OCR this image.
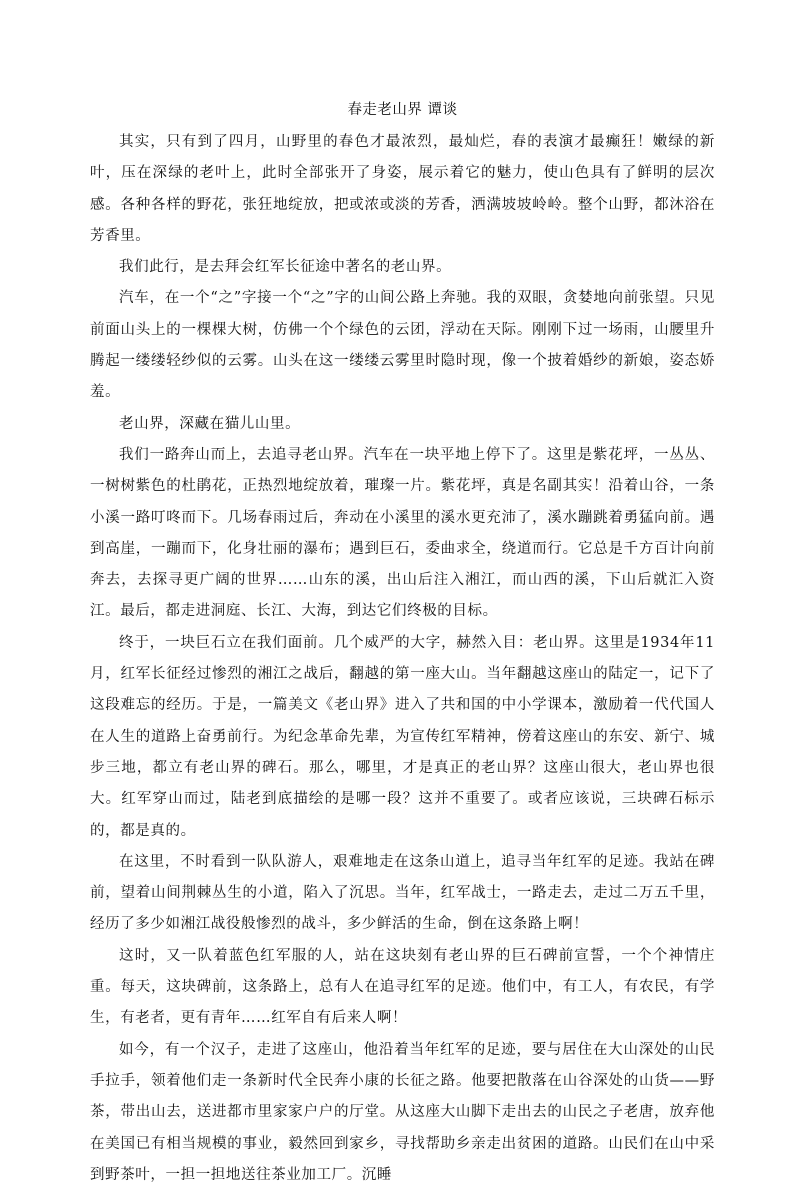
春走老山界 谭谈

其实，只有到了四月，山野里的春色才最浓烈，最灿烂，春的表演才最癫狂！嫩绿的新叶，压在深绿的老叶上，此时全部张开了身姿，展示着它的魅力，使山色具有了鲜明的层次感。各种各样的野花，张狂地绽放，把或浓或淡的芳香，洒满坡坡岭岭。整个山野，都沐浴在芳香里。

我们此行，是去拜会红军长征途中著名的老山界。

汽车，在一个“之”字接一个“之”字的山间公路上奔驰。我的双眼，贪婪地向前张望。只见前面山头上的一棵棵大树，仿佛一个个绿色的云团，浮动在天际。刚刚下过一场雨，山腰里升腾起一缕缕轻纱似的云雾。山头在这一缕缕云雾里时隐时现，像一个披着婚纱的新娘，姿态娇羞。

老山界，深藏在猫儿山里。

我们一路奔山而上，去追寻老山界。汽车在一块平地上停下了。这里是紫花坪，一丛丛、一树树紫色的杜鹃花，正热烈地绽放着，璀璨一片。紫花坪，真是名副其实！沿着山谷，一条小溪一路叮咚而下。几场春雨过后，奔动在小溪里的溪水更充沛了，溪水蹦跳着勇猛向前。遇到高崖，一蹦而下，化身壮丽的瀑布；遇到巨石，委曲求全，绕道而行。它总是千方百计向前奔去，去探寻更广阔的世界……山东的溪，出山后注入湘江，而山西的溪，下山后就汇入资江。最后，都走进洞庭、长江、大海，到达它们终极的目标。

终于，一块巨石立在我们面前。几个威严的大字，赫然入目：老山界。这里是1934年11月，红军长征经过惨烈的湘江之战后，翻越的第一座大山。当年翻越这座山的陆定一，记下了这段难忘的经历。于是，一篇美文《老山界》进入了共和国的中小学课本，激励着一代代国人在人生的道路上奋勇前行。为纪念革命先辈，为宣传红军精神，傍着这座山的东安、新宁、城步三地，都立有老山界的碑石。那么，哪里，才是真正的老山界？这座山很大，老山界也很大。红军穿山而过，陆老到底描绘的是哪一段？这并不重要了。或者应该说，三块碑石标示的，都是真的。

在这里，不时看到一队队游人，艰难地走在这条山道上，追寻当年红军的足迹。我站在碑前，望着山间荆棘丛生的小道，陷入了沉思。当年，红军战士，一路走去，走过二万五千里，经历了多少如湘江战役般惨烈的战斗，多少鲜活的生命，倒在这条路上啊！

这时，又一队着蓝色红军服的人，站在这块刻有老山界的巨石碑前宣誓，一个个神情庄重。每天，这块碑前，这条路上，总有人在追寻红军的足迹。他们中，有工人，有农民，有学生，有老者，更有青年……红军自有后来人啊！

如今，有一个汉子，走进了这座山，他沿着当年红军的足迹，要与居住在大山深处的山民手拉手，领着他们走一条新时代全民奔小康的长征之路。他要把散落在山谷深处的山货——野茶，带出山去，送进都市里家家户户的厅堂。从这座大山脚下走出去的山民之子老唐，放弃他在美国已有相当规模的事业，毅然回到家乡，寻找帮助乡亲走出贫困的道路。山民们在山中采到野茶叶，一担一担地送往茶业加工厂。沉睡
